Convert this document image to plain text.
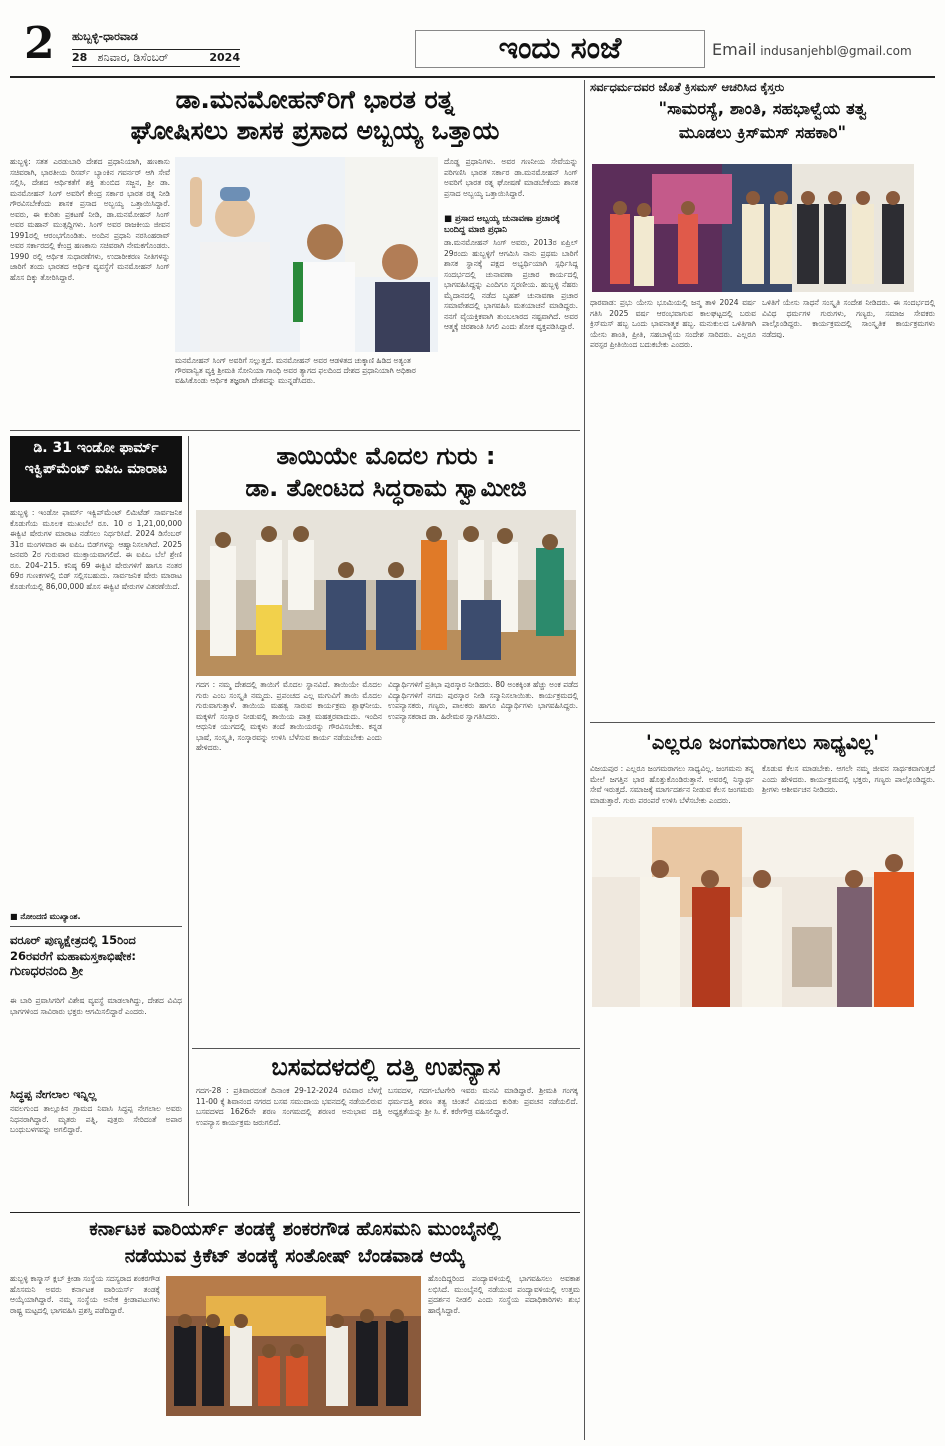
2 ಹುಬ್ಬಳ್ಳಿ-ಧಾರವಾಡ
28 ಶನಿವಾರ, ಡಿಸೆಂಬರ್	2024	ಇಂದು ಸಂಜೆ	Email indusanjehbl@gmail.com
ಡಾ.ಮನಮೋಹನ್‌ರಿಗೆ ಭಾರತ ರತ್ನ
ಘೋಷಿಸಲು ಶಾಸಕ ಪ್ರಸಾದ ಅಬ್ಬಯ್ಯ ಒತ್ತಾಯ
ಹುಬ್ಬಳ್ಳಿ: ಸತತ ಎರಡುಬಾರಿ ದೇಶದ ಪ್ರಧಾನಿಯಾಗಿ, ಹಣಕಾಸು ಸಚಿವರಾಗಿ, ಭಾರತೀಯ ರಿಸರ್ವ್ ಬ್ಯಾಂಕಿನ ಗವರ್ನರ್ ಆಗಿ ಸೇವೆ ಸಲ್ಲಿಸಿ, ದೇಶದ ಆರ್ಥಿಕತೆಗೆ ಶಕ್ತಿ ತುಂಬಿದ ಸಜ್ಜನ, ಶ್ರೀ ಡಾ. ಮನಮೋಹನ್ ಸಿಂಗ್ ಅವರಿಗೆ ಕೇಂದ್ರ ಸರ್ಕಾರ ಭಾರತ ರತ್ನ ನೀಡಿ ಗೌರವಿಸಬೇಕೆಂದು ಶಾಸಕ ಪ್ರಸಾದ ಅಬ್ಬಯ್ಯ ಒತ್ತಾಯಿಸಿದ್ದಾರೆ. ಅವರು, ಈ ಕುರಿತು ಪ್ರಕಟಣೆ ನೀಡಿ, ಡಾ.ಮನಮೋಹನ್ ಸಿಂಗ್ ಅವರ ಮಹಾನ್ ಮುತ್ಸದ್ದಿಗಳು. ಸಿಂಗ್ ಅವರ ರಾಜಕೀಯ ಜೀವನ 1991ರಲ್ಲಿ ಆರಂಭಗೊಂಡಿತು. ಅಂದಿನ ಪ್ರಧಾನಿ ನರಸಿಂಹರಾವ್ ಅವರ ಸರ್ಕಾರದಲ್ಲಿ ಕೇಂದ್ರ ಹಣಕಾಸು ಸಚಿವರಾಗಿ ನೇಮಕಗೊಂಡರು. 1990 ರಲ್ಲಿ ಆರ್ಥಿಕ ಸುಧಾರಣೆಗಳು, ಉದಾರೀಕರಣ ನೀತಿಗಳನ್ನು ಜಾರಿಗೆ ತಂದು ಭಾರತದ ಆರ್ಥಿಕ ವ್ಯವಸ್ಥೆಗೆ ಮನಮೋಹನ್ ಸಿಂಗ್ ಹೊಸ ದಿಕ್ಕು ತೋರಿಸಿದ್ದಾರೆ.
ಮನಮೋಹನ್ ಸಿಂಗ್ ಅವರಿಗೆ ಸಲ್ಲುತ್ತದೆ. ಮನಮೋಹನ್ ಅವರ ಆಡಳಿತದ ಚುಕ್ಕಾಣಿ ಹಿಡಿದ ಅತ್ಯಂತ ಗೌರವಾನ್ವಿತ ವ್ಯಕ್ತಿ ಶ್ರೀಮತಿ ಸೋನಿಯಾ ಗಾಂಧಿ ಅವರ ತ್ಯಾಗದ ಫಲದಿಂದ ದೇಶದ ಪ್ರಧಾನಿಯಾಗಿ ಅಧಿಕಾರ ವಹಿಸಿಕೊಂಡು ಆರ್ಥಿಕ ತಜ್ಞರಾಗಿ ದೇಶವನ್ನು ಮುನ್ನಡೆಸಿದರು.
ದೊಡ್ಡ ಪ್ರಧಾನಿಗಳು. ಅವರ ಗಣನೀಯ ಸೇವೆಯನ್ನು ಪರಿಗಣಿಸಿ ಭಾರತ ಸರ್ಕಾರ ಡಾ.ಮನಮೋಹನ್ ಸಿಂಗ್ ಅವರಿಗೆ ಭಾರತ ರತ್ನ ಘೋಷಣೆ ಮಾಡಬೇಕೆಂದು ಶಾಸಕ ಪ್ರಸಾದ ಅಬ್ಬಯ್ಯ ಒತ್ತಾಯಿಸಿದ್ದಾರೆ.
■ ಪ್ರಸಾದ ಅಬ್ಬಯ್ಯ ಚುನಾವಣಾ ಪ್ರಚಾರಕ್ಕೆ ಬಂದಿದ್ದ ಮಾಜಿ ಪ್ರಧಾನಿ
ಡಾ.ಮನಮೋಹನ್ ಸಿಂಗ್ ಅವರು, 2013ರ ಏಪ್ರಿಲ್ 29ರಂದು ಹುಬ್ಬಳ್ಳಿಗೆ ಆಗಮಿಸಿ ನಾನು ಪ್ರಥಮ ಬಾರಿಗೆ ಶಾಸಕ ಸ್ಥಾನಕ್ಕೆ ಪಕ್ಷದ ಅಭ್ಯರ್ಥಿಯಾಗಿ ಸ್ಪರ್ಧಿಸಿದ್ದ ಸಂದರ್ಭದಲ್ಲಿ ಚುನಾವಣಾ ಪ್ರಚಾರ ಕಾರ್ಯದಲ್ಲಿ ಭಾಗವಹಿಸಿದ್ದನ್ನು ಎಂದಿಗೂ ಸ್ಮರಣೀಯ. ಹುಬ್ಬಳ್ಳಿ ನೆಹರು ಮೈದಾನದಲ್ಲಿ ನಡೆದ ಬೃಹತ್ ಚುನಾವಣಾ ಪ್ರಚಾರ ಸಮಾವೇಶದಲ್ಲಿ ಭಾಗವಹಿಸಿ ಮತಯಾಚನೆ ಮಾಡಿದ್ದರು. ನನಗೆ ವೈಯಕ್ತಿಕವಾಗಿ ತುಂಬಲಾರದ ನಷ್ಟವಾಗಿದೆ. ಅವರ ಆತ್ಮಕ್ಕೆ ಚಿರಶಾಂತಿ ಸಿಗಲಿ ಎಂದು ಶೋಕ ವ್ಯಕ್ತಪಡಿಸಿದ್ದಾರೆ.
ಡಿ. 31 ಇಂಡೋ ಫಾರ್ಮ್ ಇಕ್ವಿಪ್‌ಮೆಂಟ್ ಐಪಿಒ ಮಾರಾಟ
ಹುಬ್ಬಳ್ಳಿ : ಇಂಡೋ ಫಾರ್ಮ್ ಇಕ್ವಿಪ್‌ಮೆಂಟ್ ಲಿಮಿಟೆಡ್ ಸಾರ್ವಜನಿಕ ಕೊಡುಗೆಯ ಮೂಲಕ ಮುಖಬೆಲೆ ರೂ. 10 ರ 1,21,00,000 ಈಕ್ವಿಟಿ ಷೇರುಗಳ ಮಾರಾಟ ನಡೆಸಲು ನಿರ್ಧರಿಸಿದೆ. 2024 ಡಿಸೆಂಬರ್ 31ರ ಮಂಗಳವಾರ ಈ ಐಪಿಒ ಬಿಡ್‌ಗಳನ್ನು ಆಹ್ವಾನಿಸಲಾಗಿದೆ. 2025 ಜನವರಿ 2ರ ಗುರುವಾರ ಮುಕ್ತಾಯವಾಗಲಿದೆ. ಈ ಐಪಿಒ ಬೆಲೆ ಶ್ರೇಣಿ ರೂ. 204–215. ಕನಿಷ್ಠ 69 ಈಕ್ವಿಟಿ ಷೇರುಗಳಿಗೆ ಹಾಗೂ ನಂತರ 69ರ ಗುಣಕಗಳಲ್ಲಿ ಬಿಡ್ ಸಲ್ಲಿಸಬಹುದು. ಸಾರ್ವಜನಿಕ ಷೇರು ಮಾರಾಟ ಕೊಡುಗೆಯಲ್ಲಿ 86,00,000 ಹೊಸ ಈಕ್ವಿಟಿ ಷೇರುಗಳ ವಿತರಣೆಯಿದೆ.
■ ನೋಂದಣಿ ಮುಖ್ಯಾಂಶ.
ವರೂರ್ ಪುಣ್ಯಕ್ಷೇತ್ರದಲ್ಲಿ 15ರಿಂದ 26ರವರೆಗೆ ಮಹಾಮಸ್ತಕಾಭಿಷೇಕ:
ಗುಣಧರನಂದಿ ಶ್ರೀ
ಈ ಬಾರಿ ಪ್ರವಾಸಿಗರಿಗೆ ವಿಶೇಷ ವ್ಯವಸ್ಥೆ ಮಾಡಲಾಗಿದ್ದು, ದೇಶದ ವಿವಿಧ ಭಾಗಗಳಿಂದ ಸಾವಿರಾರು ಭಕ್ತರು ಆಗಮಿಸಲಿದ್ದಾರೆ ಎಂದರು.
ಸಿದ್ಧಪ್ಪ ನೇಗಲಾಲ ಇನ್ನಿಲ್ಲ
ನವಲಗುಂದ ತಾಲ್ಲೂಕಿನ ಗ್ರಾಮದ ನಿವಾಸಿ ಸಿದ್ಧಪ್ಪ ನೇಗಲಾಲ ಅವರು ನಿಧನರಾಗಿದ್ದಾರೆ. ಮೃತರು ಪತ್ನಿ, ಪುತ್ರರು ಸೇರಿದಂತೆ ಅಪಾರ ಬಂಧುಬಳಗವನ್ನು ಅಗಲಿದ್ದಾರೆ.
ತಾಯಿಯೇ ಮೊದಲ ಗುರು :
ಡಾ. ತೋಂಟದ ಸಿದ್ಧರಾಮ ಸ್ವಾಮೀಜಿ
ಗದಗ : ನಮ್ಮ ದೇಶದಲ್ಲಿ ತಾಯಿಗೆ ಮೊದಲ ಸ್ಥಾನವಿದೆ. ತಾಯಿಯೇ ಮೊದಲ ಗುರು ಎಂಬ ಸಂಸ್ಕೃತಿ ನಮ್ಮದು. ಪ್ರಪಂಚದ ಎಲ್ಲ ಮಗುವಿಗೆ ತಾಯಿ ಮೊದಲ ಗುರುವಾಗುತ್ತಾಳೆ. ತಾಯಿಯ ಮಹತ್ವ ಸಾರುವ ಕಾರ್ಯಕ್ರಮ ಶ್ಲಾಘನೀಯ. ಮಕ್ಕಳಿಗೆ ಸಂಸ್ಕಾರ ನೀಡುವಲ್ಲಿ ತಾಯಿಯ ಪಾತ್ರ ಮಹತ್ತರವಾದುದು. ಇಂದಿನ ಆಧುನಿಕ ಯುಗದಲ್ಲಿ ಮಕ್ಕಳು ತಂದೆ ತಾಯಿಯರನ್ನು ಗೌರವಿಸಬೇಕು. ಕನ್ನಡ ಭಾಷೆ, ಸಂಸ್ಕೃತಿ, ಸಂಸ್ಕಾರವನ್ನು ಉಳಿಸಿ ಬೆಳೆಸುವ ಕಾರ್ಯ ನಡೆಯಬೇಕು ಎಂದು ಹೇಳಿದರು.
ವಿದ್ಯಾರ್ಥಿಗಳಿಗೆ ಪ್ರತಿಭಾ ಪುರಸ್ಕಾರ ನೀಡಿದರು. 80 ಅಂಕಕ್ಕಿಂತ ಹೆಚ್ಚು ಅಂಕ ಪಡೆದ ವಿದ್ಯಾರ್ಥಿಗಳಿಗೆ ನಗದು ಪುರಸ್ಕಾರ ನೀಡಿ ಸನ್ಮಾನಿಸಲಾಯಿತು. ಕಾರ್ಯಕ್ರಮದಲ್ಲಿ ಉಪನ್ಯಾಸಕರು, ಗಣ್ಯರು, ಪಾಲಕರು ಹಾಗೂ ವಿದ್ಯಾರ್ಥಿಗಳು ಭಾಗವಹಿಸಿದ್ದರು. ಉಪನ್ಯಾಸಕರಾದ ಡಾ. ಹಿರೇಮಠ ಸ್ವಾಗತಿಸಿದರು.
ಬಸವದಳದಲ್ಲಿ ದತ್ತಿ ಉಪನ್ಯಾಸ
ಗದಗ-28 : ಪ್ರತಿವಾರದಂತೆ ದಿನಾಂಕ 29-12-2024 ರವಿವಾರ ಬೆಳಗ್ಗೆ 11-00 ಕ್ಕೆ ಶಿವಾನಂದ ನಗರದ ಬಸವ ಸಮುದಾಯ ಭವನದಲ್ಲಿ ನಡೆಯಲಿರುವ ಬಸವದಳದ 1626ನೇ ಶರಣ ಸಂಗಮದಲ್ಲಿ ಶರಣರ ಅನುಭಾವ ದತ್ತಿ ಉಪನ್ಯಾಸ ಕಾರ್ಯಕ್ರಮ ಜರುಗಲಿದೆ.
ಬಸವದಳ, ಗದಗ-ಬೆಟಗೇರಿ ಇವರು ಮನವಿ ಮಾಡಿದ್ದಾರೆ. ಶ್ರೀಮತಿ ಗಂಗಕ್ಕ ಧರ್ಮದತ್ತಿ ಶರಣ ತತ್ವ ಚಿಂತನೆ ವಿಷಯದ ಕುರಿತು ಪ್ರವಚನ ನಡೆಯಲಿದೆ. ಅಧ್ಯಕ್ಷತೆಯನ್ನು ಶ್ರೀ ಸಿ. ಕೆ. ಕರೇಗೌಡ್ರ ವಹಿಸಲಿದ್ದಾರೆ.
ಕರ್ನಾಟಕ ವಾರಿಯರ್ಸ್ ತಂಡಕ್ಕೆ ಶಂಕರಗೌಡ ಹೊಸಮನಿ ಮುಂಬೈನಲ್ಲಿ
ನಡೆಯುವ ಕ್ರಿಕೆಟ್ ತಂಡಕ್ಕೆ ಸಂತೋಷ್ ಬೆಂಡವಾಡ ಆಯ್ಕೆ
ಹುಬ್ಬಳ್ಳಿ ಕಾಸ್ಮಾಸ್ ಕ್ಲಬ್ ಕ್ರೀಡಾ ಸಂಸ್ಥೆಯ ಸದಸ್ಯರಾದ ಶಂಕರಗೌಡ ಹೊಸಮನಿ ಅವರು ಕರ್ನಾಟಕ ವಾರಿಯರ್ಸ್ ತಂಡಕ್ಕೆ ಆಯ್ಕೆಯಾಗಿದ್ದಾರೆ. ನಮ್ಮ ಸಂಸ್ಥೆಯ ಅನೇಕ ಕ್ರೀಡಾಪಟುಗಳು ರಾಷ್ಟ್ರ ಮಟ್ಟದಲ್ಲಿ ಭಾಗವಹಿಸಿ ಪ್ರಶಸ್ತಿ ಪಡೆದಿದ್ದಾರೆ.
ಹೊಂದಿದ್ದರಿಂದ ಪಂದ್ಯಾವಳಿಯಲ್ಲಿ ಭಾಗವಹಿಸಲು ಅವಕಾಶ ಲಭಿಸಿದೆ. ಮುಂಬೈನಲ್ಲಿ ನಡೆಯುವ ಪಂದ್ಯಾವಳಿಯಲ್ಲಿ ಉತ್ತಮ ಪ್ರದರ್ಶನ ನೀಡಲಿ ಎಂದು ಸಂಸ್ಥೆಯ ಪದಾಧಿಕಾರಿಗಳು ಶುಭ ಹಾರೈಸಿದ್ದಾರೆ.
ಸರ್ವಧರ್ಮದವರ ಜೊತೆ ಕ್ರಿಸಮಸ್ ಆಚರಿಸಿದ ಕೈಸ್ತರು
"ಸಾಮರಸ್ಯೆ, ಶಾಂತಿ, ಸಹಭಾಳ್ವೆಯ ತತ್ವ
ಮೂಡಲು ಕ್ರಿಸ್‌ಮಸ್ ಸಹಕಾರಿ"
ಧಾರವಾಡ: ಪ್ರಭು ಯೇಸು ಭೂಮಿಯಲ್ಲಿ ಜನ್ಮ ತಾಳಿ 2024 ವರ್ಷ ಗತಿಸಿ 2025 ವರ್ಷ ಆರಂಭವಾಗುವ ಕಾಲಘಟ್ಟದಲ್ಲಿ ಬರುವ ಕ್ರಿಸ್‌ಮಸ್ ಹಬ್ಬ ಒಂದು ಭಾವನಾತ್ಮಕ ಹಬ್ಬ. ಮನುಕುಲದ ಒಳಿತಿಗಾಗಿ ಯೇಸು ಶಾಂತಿ, ಪ್ರೀತಿ, ಸಹಬಾಳ್ವೆಯ ಸಂದೇಶ ಸಾರಿದರು. ಎಲ್ಲರೂ ಪರಸ್ಪರ ಪ್ರೀತಿಯಿಂದ ಬದುಕಬೇಕು ಎಂದರು.
ಒಳಿತಿಗೆ ಯೇಸು ಸಾಧನೆ ಸಂಸ್ಕೃತಿ ಸಂದೇಶ ನೀಡಿದರು. ಈ ಸಂದರ್ಭದಲ್ಲಿ ವಿವಿಧ ಧರ್ಮಗಳ ಗುರುಗಳು, ಗಣ್ಯರು, ಸಮಾಜ ಸೇವಕರು ಪಾಲ್ಗೊಂಡಿದ್ದರು. ಕಾರ್ಯಕ್ರಮದಲ್ಲಿ ಸಾಂಸ್ಕೃತಿಕ ಕಾರ್ಯಕ್ರಮಗಳು ನಡೆದವು.
'ಎಲ್ಲರೂ ಜಂಗಮರಾಗಲು ಸಾಧ್ಯವಿಲ್ಲ'
ವಿಜಯಪುರ : ಎಲ್ಲರೂ ಜಂಗಮರಾಗಲು ಸಾಧ್ಯವಿಲ್ಲ. ಜಂಗಮನು ತನ್ನ ಮೇಲೆ ಜಗತ್ತಿನ ಭಾರ ಹೊತ್ತುಕೊಂಡಿರುತ್ತಾನೆ. ಅವರಲ್ಲಿ ನಿಸ್ವಾರ್ಥ ಸೇವೆ ಇರುತ್ತದೆ. ಸಮಾಜಕ್ಕೆ ಮಾರ್ಗದರ್ಶನ ನೀಡುವ ಕೆಲಸ ಜಂಗಮರು ಮಾಡುತ್ತಾರೆ. ಗುರು ಪರಂಪರೆ ಉಳಿಸಿ ಬೆಳೆಸಬೇಕು ಎಂದರು.
ಕೊಡುವ ಕೆಲಸ ಮಾಡಬೇಕು. ಆಗಲೇ ನಮ್ಮ ಜೀವನ ಸಾರ್ಥಕವಾಗುತ್ತದೆ ಎಂದು ಹೇಳಿದರು. ಕಾರ್ಯಕ್ರಮದಲ್ಲಿ ಭಕ್ತರು, ಗಣ್ಯರು ಪಾಲ್ಗೊಂಡಿದ್ದರು. ಶ್ರೀಗಳು ಆಶೀರ್ವಚನ ನೀಡಿದರು.
